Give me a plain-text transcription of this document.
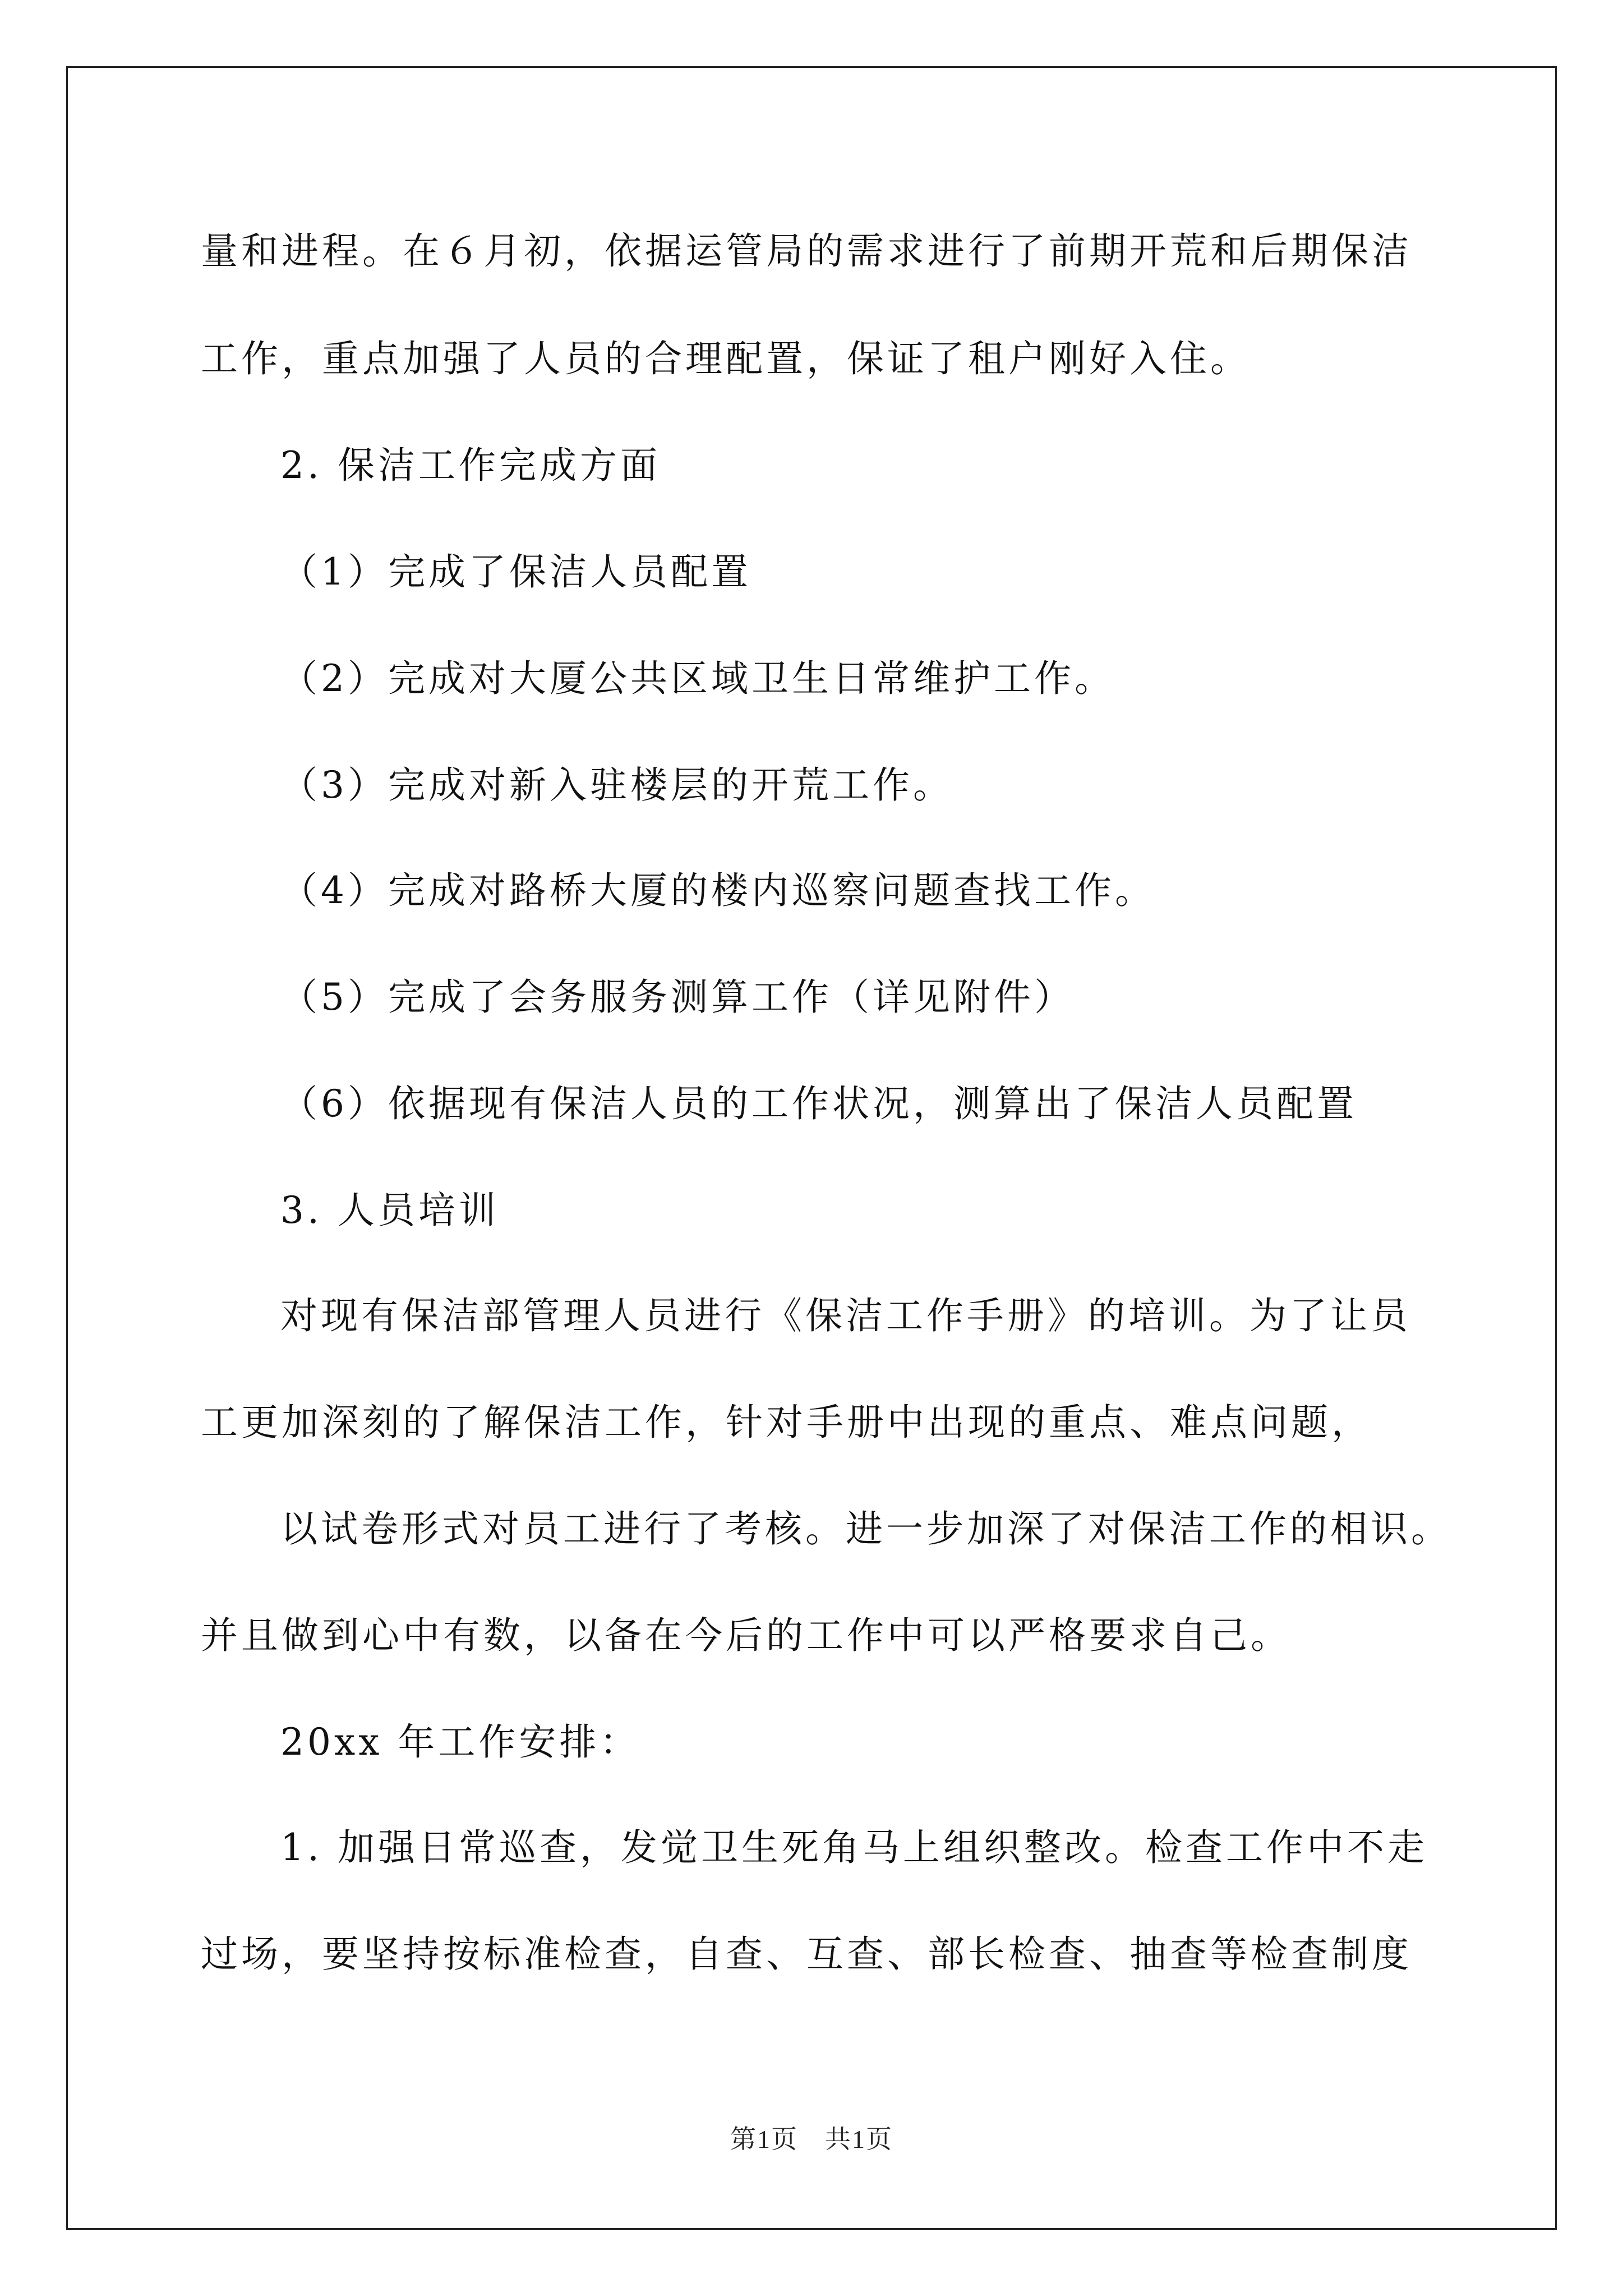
量和进程。在６月初，依据运管局的需求进行了前期开荒和后期保洁
工作，重点加强了人员的合理配置，保证了租户刚好入住。
2. 保洁工作完成方面
（1）完成了保洁人员配置
（2）完成对大厦公共区域卫生日常维护工作。
（3）完成对新入驻楼层的开荒工作。
（4）完成对路桥大厦的楼内巡察问题查找工作。
（5）完成了会务服务测算工作（详见附件）
（6）依据现有保洁人员的工作状况，测算出了保洁人员配置
3. 人员培训
对现有保洁部管理人员进行《保洁工作手册》的培训。为了让员
工更加深刻的了解保洁工作，针对手册中出现的重点、难点问题，
以试卷形式对员工进行了考核。进一步加深了对保洁工作的相识。
并且做到心中有数，以备在今后的工作中可以严格要求自己。
20xx 年工作安排：
1. 加强日常巡查，发觉卫生死角马上组织整改。检查工作中不走
过场，要坚持按标准检查，自查、互查、部长检查、抽查等检查制度
第1页　共1页
